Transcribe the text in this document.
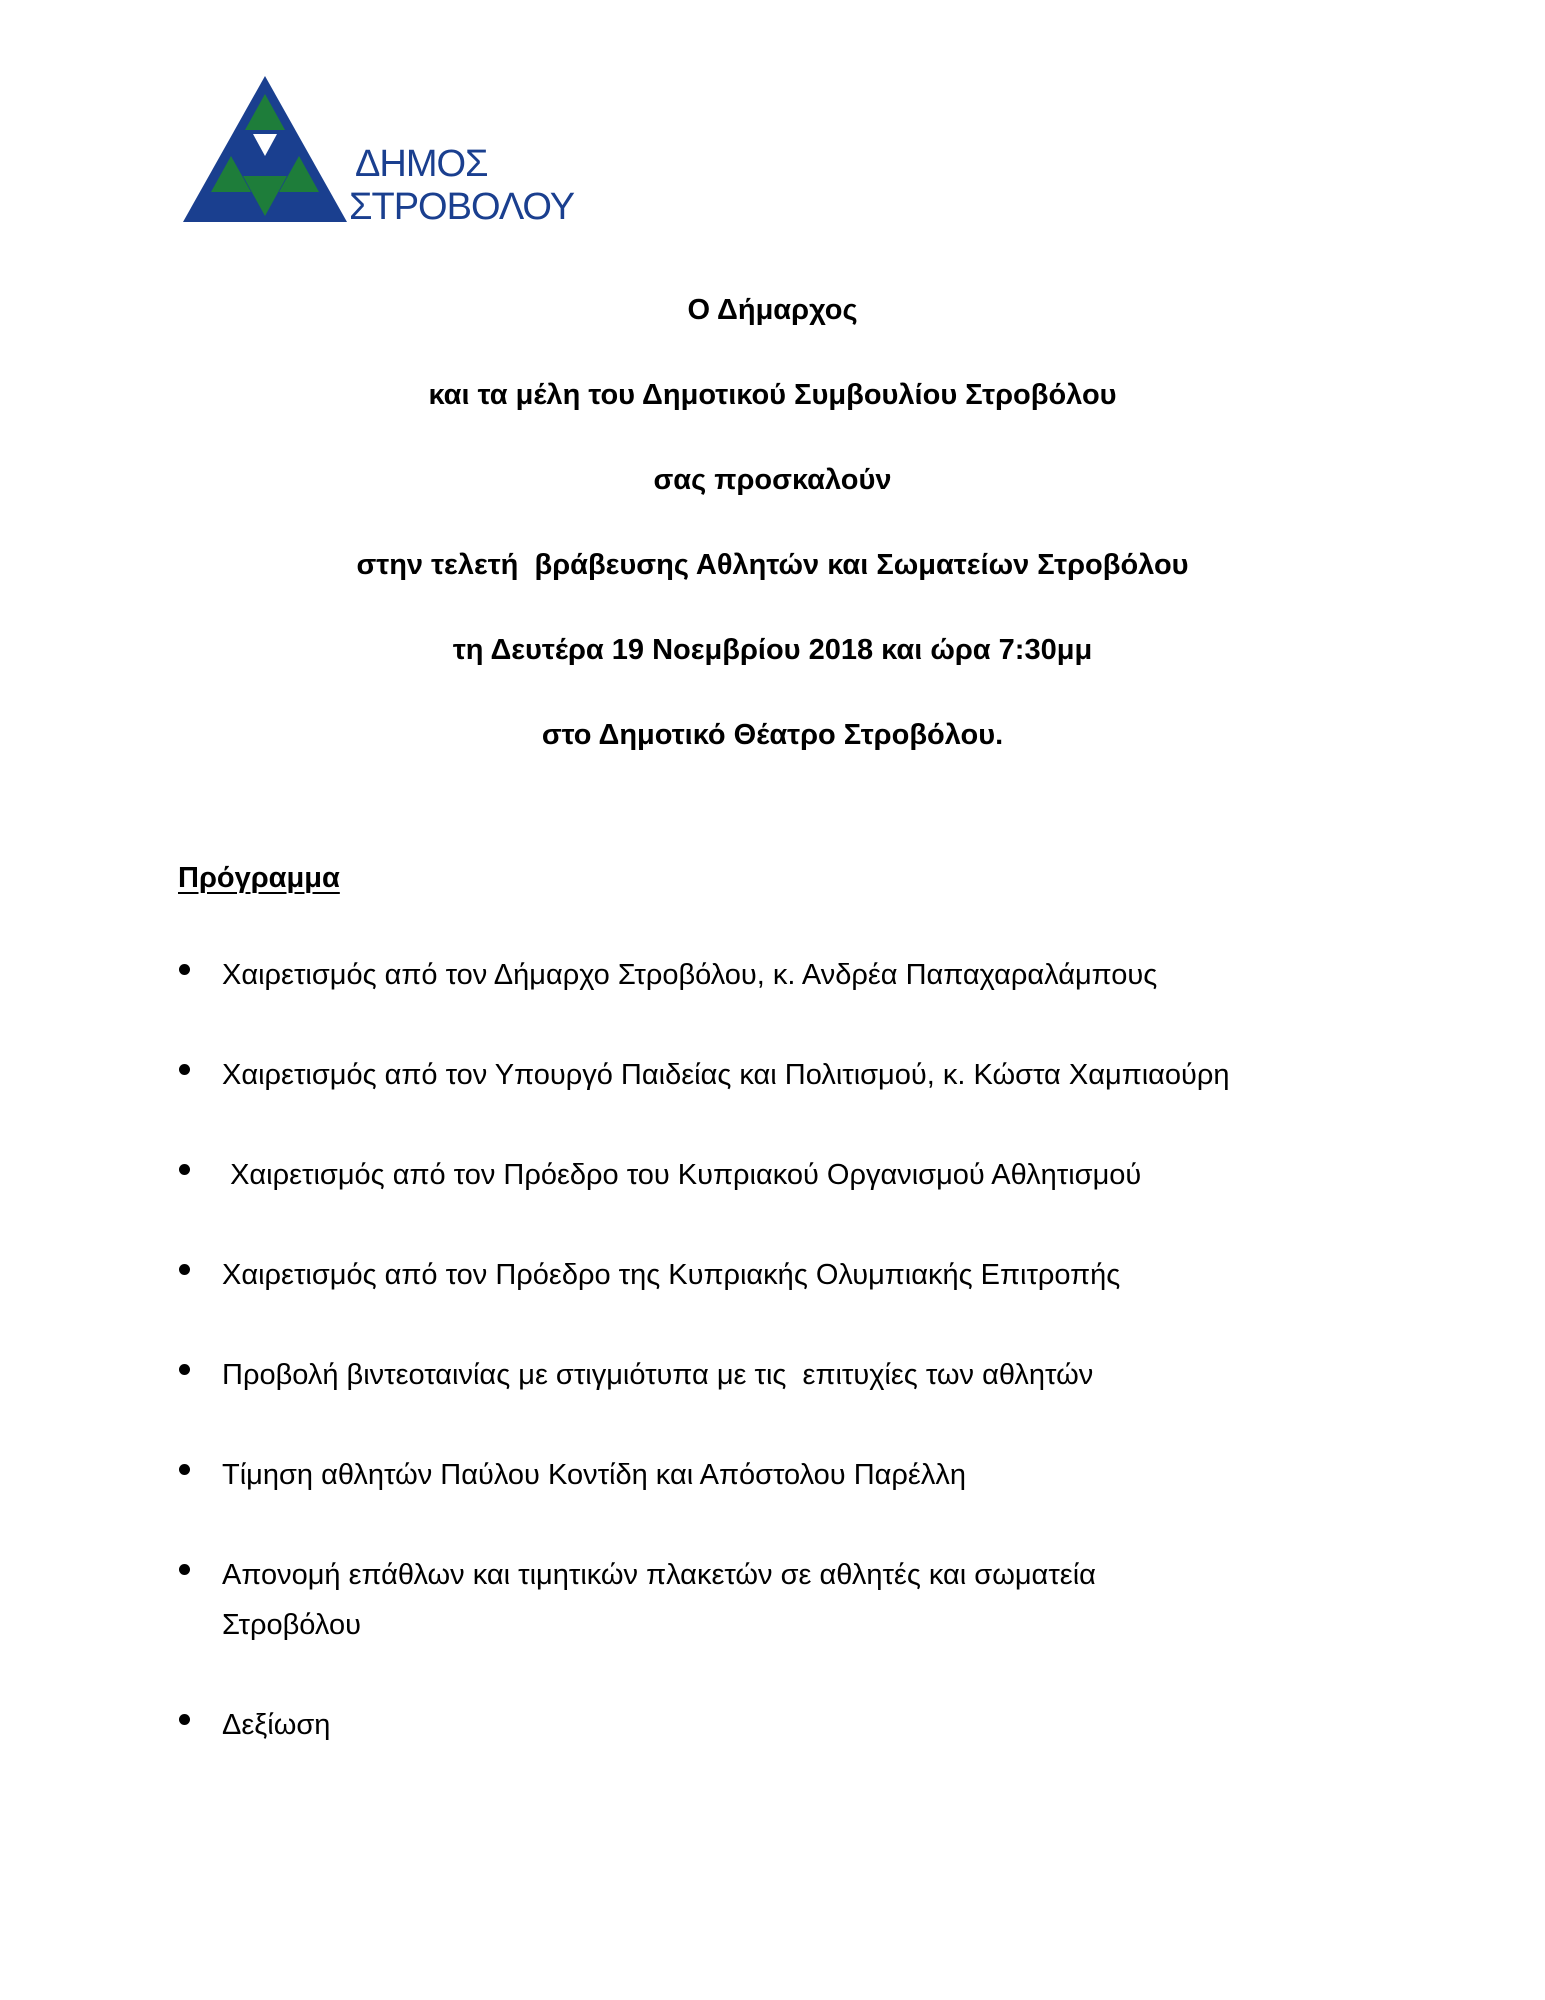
ΔΗΜΟΣ
ΣΤΡΟΒΟΛΟΥ
Ο Δήμαρχος
και τα μέλη του Δημοτικού Συμβουλίου Στροβόλου
σας προσκαλούν
στην τελετή  βράβευσης Αθλητών και Σωματείων Στροβόλου
τη Δευτέρα 19 Νοεμβρίου 2018 και ώρα 7:30μμ
στο Δημοτικό Θέατρο Στροβόλου.
Πρόγραμμα
Χαιρετισμός από τον Δήμαρχο Στροβόλου, κ. Ανδρέα Παπαχαραλάμπους
Χαιρετισμός από τον Υπουργό Παιδείας και Πολιτισμού, κ. Κώστα Χαμπιαούρη
Χαιρετισμός από τον Πρόεδρο του Κυπριακού Οργανισμού Αθλητισμού
Χαιρετισμός από τον Πρόεδρο της Κυπριακής Ολυμπιακής Επιτροπής
Προβολή βιντεοταινίας με στιγμιότυπα με τις  επιτυχίες των αθλητών
Τίμηση αθλητών Παύλου Κοντίδη και Απόστολου Παρέλλη
Απονομή επάθλων και τιμητικών πλακετών σε αθλητές και σωματεία
Στροβόλου
Δεξίωση
